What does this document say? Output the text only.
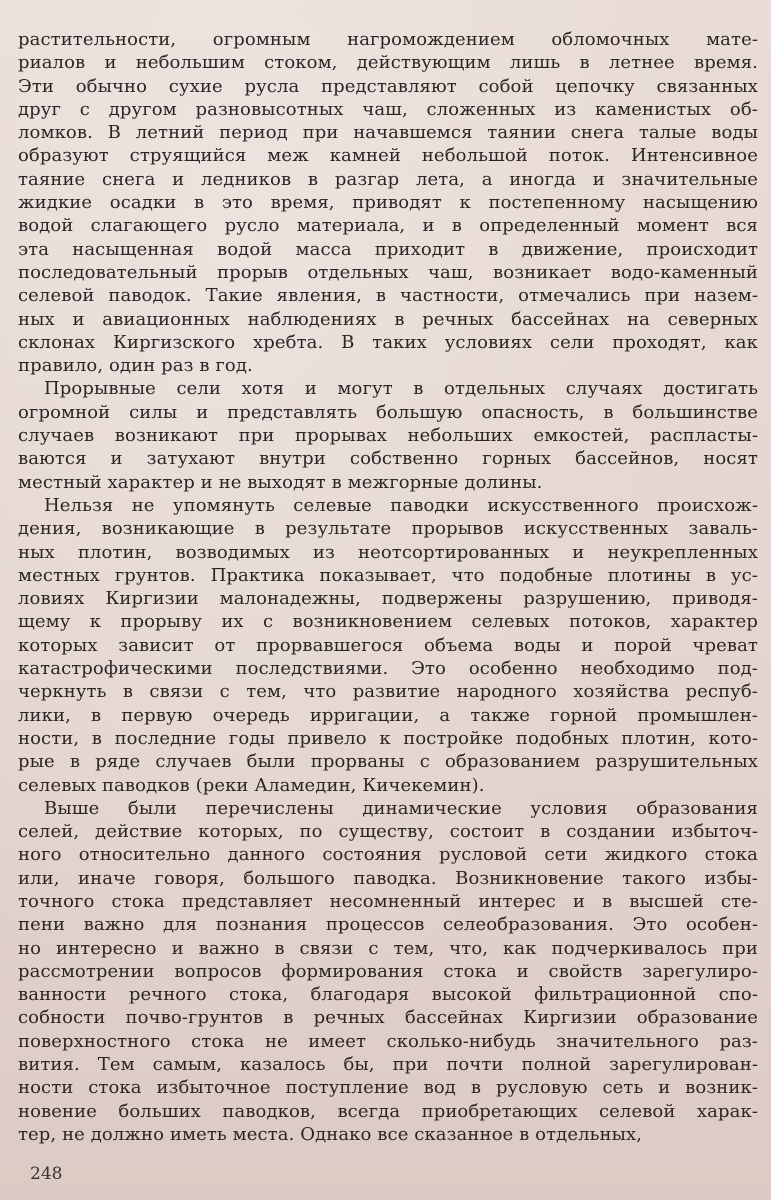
растительности, огромным нагромождением обломочных мате-
риалов и небольшим стоком, действующим лишь в летнее время.
Эти обычно сухие русла представляют собой цепочку связанных
друг с другом разновысотных чаш, сложенных из каменистых об-
ломков. В летний период при начавшемся таянии снега талые воды
образуют струящийся меж камней небольшой поток. Интенсивное
таяние снега и ледников в разгар лета, а иногда и значительные
жидкие осадки в это время, приводят к постепенному насыщению
водой слагающего русло материала, и в определенный момент вся
эта насыщенная водой масса приходит в движение, происходит
последовательный прорыв отдельных чаш, возникает водо-каменный
селевой паводок. Такие явления, в частности, отмечались при назем-
ных и авиационных наблюдениях в речных бассейнах на северных
склонах Киргизского хребта. В таких условиях сели проходят, как
правило, один раз в год.
Прорывные сели хотя и могут в отдельных случаях достигать
огромной силы и представлять большую опасность, в большинстве
случаев возникают при прорывах небольших емкостей, распласты-
ваются и затухают внутри собственно горных бассейнов, носят
местный характер и не выходят в межгорные долины.
Нельзя не упомянуть селевые паводки искусственного происхож-
дения, возникающие в результате прорывов искусственных заваль-
ных плотин, возводимых из неотсортированных и неукрепленных
местных грунтов. Практика показывает, что подобные плотины в ус-
ловиях Киргизии малонадежны, подвержены разрушению, приводя-
щему к прорыву их с возникновением селевых потоков, характер
которых зависит от прорвавшегося объема воды и порой чреват
катастрофическими последствиями. Это особенно необходимо под-
черкнуть в связи с тем, что развитие народного хозяйства респуб-
лики, в первую очередь ирригации, а также горной промышлен-
ности, в последние годы привело к постройке подобных плотин, кото-
рые в ряде случаев были прорваны с образованием разрушительных
селевых паводков (реки Аламедин, Кичекемин).
Выше были перечислены динамические условия образования
селей, действие которых, по существу, состоит в создании избыточ-
ного относительно данного состояния русловой сети жидкого стока
или, иначе говоря, большого паводка. Возникновение такого избы-
точного стока представляет несомненный интерес и в высшей сте-
пени важно для познания процессов селеобразования. Это особен-
но интересно и важно в связи с тем, что, как подчеркивалось при
рассмотрении вопросов формирования стока и свойств зарегулиро-
ванности речного стока, благодаря высокой фильтрационной спо-
собности почво-грунтов в речных бассейнах Киргизии образование
поверхностного стока не имеет сколько-нибудь значительного раз-
вития. Тем самым, казалось бы, при почти полной зарегулирован-
ности стока избыточное поступление вод в русловую сеть и возник-
новение больших паводков, всегда приобретающих селевой харак-
тер, не должно иметь места. Однако все сказанное в отдельных,
248
